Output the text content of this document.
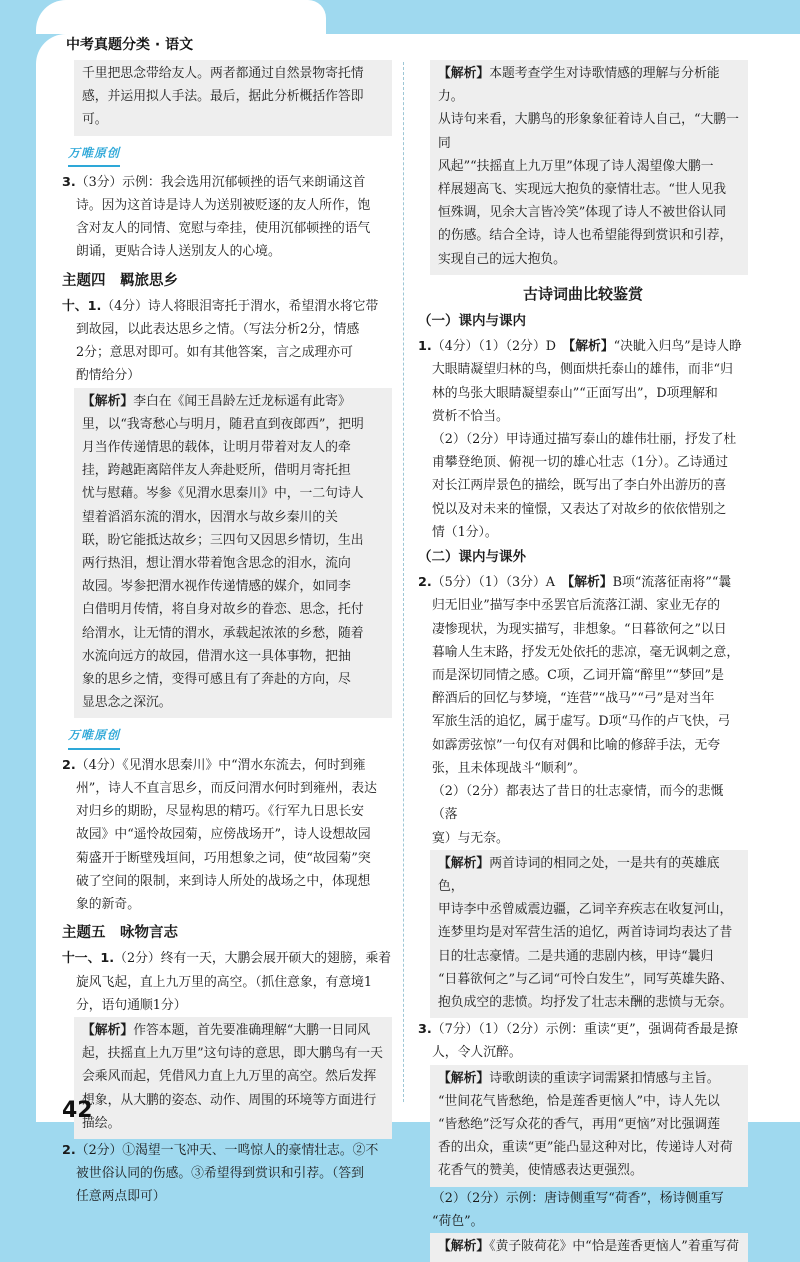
中考真题分类 · 语文

千里把思念带给友人。两者都通过自然景物寄托情

感，并运用拟人手法。最后，据此分析概括作答即可。

万唯原创

3.（3分）示例：我会选用沉郁顿挫的语气来朗诵这首

诗。因为这首诗是诗人为送别被贬逐的友人所作，饱

含对友人的同情、宽慰与牵挂，使用沉郁顿挫的语气

朗诵，更贴合诗人送别友人的心境。

主题四　羁旅思乡

十、1.（4分）诗人将眼泪寄托于渭水，希望渭水将它带

到故园，以此表达思乡之情。（写法分析2分，情感

2分；意思对即可。如有其他答案，言之成理亦可

酌情给分）

【解析】李白在《闻王昌龄左迁龙标遥有此寄》

里，以“我寄愁心与明月，随君直到夜郎西”，把明

月当作传递情思的载体，让明月带着对友人的牵

挂，跨越距离陪伴友人奔赴贬所，借明月寄托担

忧与慰藉。岑参《见渭水思秦川》中，一二句诗人

望着滔滔东流的渭水，因渭水与故乡秦川的关

联，盼它能抵达故乡；三四句又因思乡情切，生出

两行热泪，想让渭水带着饱含思念的泪水，流向

故园。岑参把渭水视作传递情感的媒介，如同李

白借明月传情，将自身对故乡的眷恋、思念，托付

给渭水，让无情的渭水，承载起浓浓的乡愁，随着

水流向远方的故园，借渭水这一具体事物，把抽

象的思乡之情，变得可感且有了奔赴的方向，尽

显思念之深沉。

万唯原创

2.（4分）《见渭水思秦川》中“渭水东流去，何时到雍

州”，诗人不直言思乡，而反问渭水何时到雍州，表达

对归乡的期盼，尽显构思的精巧。《行军九日思长安

故园》中“遥怜故园菊，应傍战场开”，诗人设想故园

菊盛开于断壁残垣间，巧用想象之词，使“故园菊”突

破了空间的限制，来到诗人所处的战场之中，体现想

象的新奇。

主题五　咏物言志

十一、1.（2分）终有一天，大鹏会展开硕大的翅膀，乘着

旋风飞起，直上九万里的高空。（抓住意象，有意境1

分，语句通顺1分）

【解析】作答本题，首先要准确理解“大鹏一日同风

起，扶摇直上九万里”这句诗的意思，即大鹏鸟有一天

会乘风而起，凭借风力直上九万里的高空。然后发挥

想象，从大鹏的姿态、动作、周围的环境等方面进行

描绘。

2.（2分）①渴望一飞冲天、一鸣惊人的豪情壮志。②不

被世俗认同的伤感。③希望得到赏识和引荐。（答到

任意两点即可）

【解析】本题考查学生对诗歌情感的理解与分析能力。

从诗句来看，大鹏鸟的形象象征着诗人自己，“大鹏一同

风起”“扶摇直上九万里”体现了诗人渴望像大鹏一

样展翅高飞、实现远大抱负的豪情壮志。“世人见我

恒殊调，见余大言皆冷笑”体现了诗人不被世俗认同

的伤感。结合全诗，诗人也希望能得到赏识和引荐，

实现自己的远大抱负。

古诗词曲比较鉴赏
（一）课内与课内

1.（4分）（1）（2分）D　【解析】“决眦入归鸟”是诗人睁

大眼睛凝望归林的鸟，侧面烘托泰山的雄伟，而非“归

林的鸟张大眼睛凝望泰山”“正面写出”，D项理解和

赏析不恰当。

（2）（2分）甲诗通过描写泰山的雄伟壮丽，抒发了杜

甫攀登绝顶、俯视一切的雄心壮志（1分）。乙诗通过

对长江两岸景色的描绘，既写出了李白外出游历的喜

悦以及对未来的憧憬，又表达了对故乡的依依惜别之

情（1分）。

（二）课内与课外

2.（5分）（1）（3分）A　【解析】B项“流落征南将”“曩

归无旧业”描写李中丞罢官后流落江湖、家业无存的

凄惨现状，为现实描写，非想象。“日暮欲何之”以日

暮喻人生末路，抒发无处依托的悲凉，毫无讽刺之意，

而是深切同情之感。C项，乙词开篇“醉里”“梦回”是

醉酒后的回忆与梦境，“连营”“战马”“弓”是对当年

军旅生活的追忆，属于虚写。D项“马作的卢飞快，弓

如霹雳弦惊”一句仅有对偶和比喻的修辞手法，无夸

张，且未体现战斗“顺利”。

（2）（2分）都表达了昔日的壮志豪情，而今的悲慨（落

寞）与无奈。

【解析】两首诗词的相同之处，一是共有的英雄底色，

甲诗李中丞曾威震边疆，乙词辛弃疾志在收复河山，

连梦里均是对军营生活的追忆，两首诗词均表达了昔

日的壮志豪情。二是共通的悲剧内核，甲诗“曩归

“日暮欲何之”与乙词“可怜白发生”，同写英雄失路、

抱负成空的悲愤。均抒发了壮志未酬的悲愤与无奈。

3.（7分）（1）（2分）示例：重读“更”，强调荷香最是撩

人，令人沉醉。

【解析】诗歌朗读的重读字词需紧扣情感与主旨。

“世间花气皆愁绝，恰是莲香更恼人”中，诗人先以

“皆愁绝”泛写众花的香气，再用“更恼”对比强调莲

香的出众，重读“更”能凸显这种对比，传递诗人对荷

花香气的赞美，使情感表达更强烈。

（2）（2分）示例：唐诗侧重写“荷香”，杨诗侧重写

“荷色”。

【解析】《黄子陂荷花》中“恰是莲香更恼人”着重写荷

42
